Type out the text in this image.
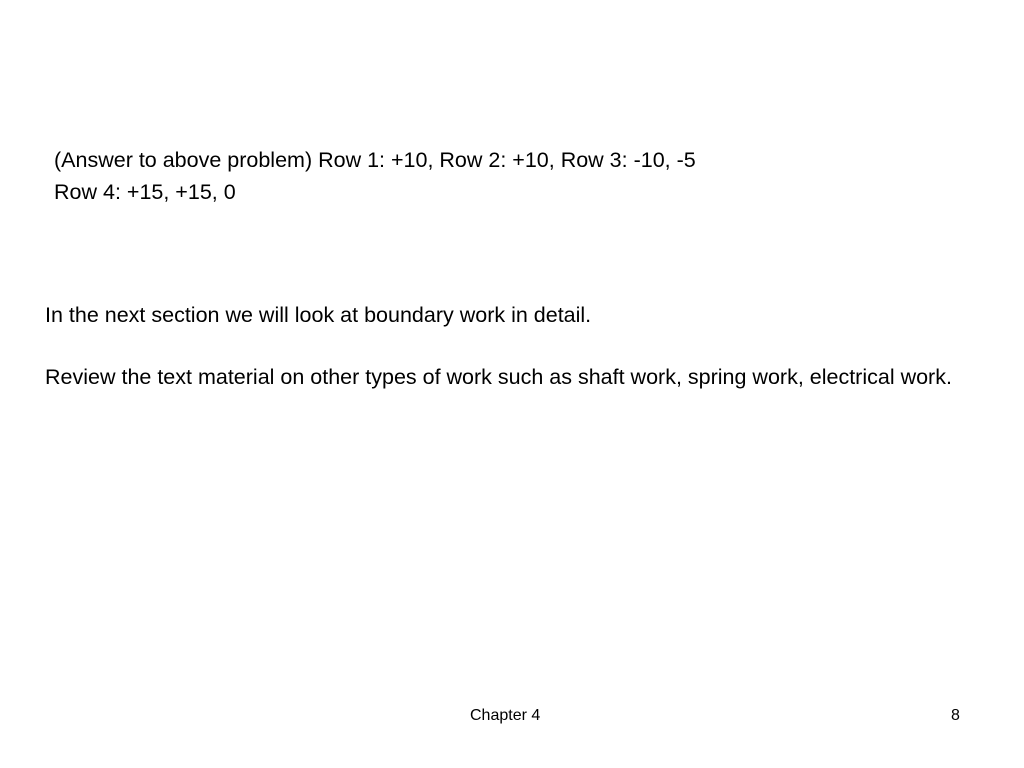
(Answer to above problem) Row 1: +10, Row 2: +10, Row 3: -10, -5
Row 4: +15, +15, 0

In the next section we will look at boundary work in detail.

Review the text material on other types of work such as shaft work, spring work, electrical work.

Chapter 4	8
